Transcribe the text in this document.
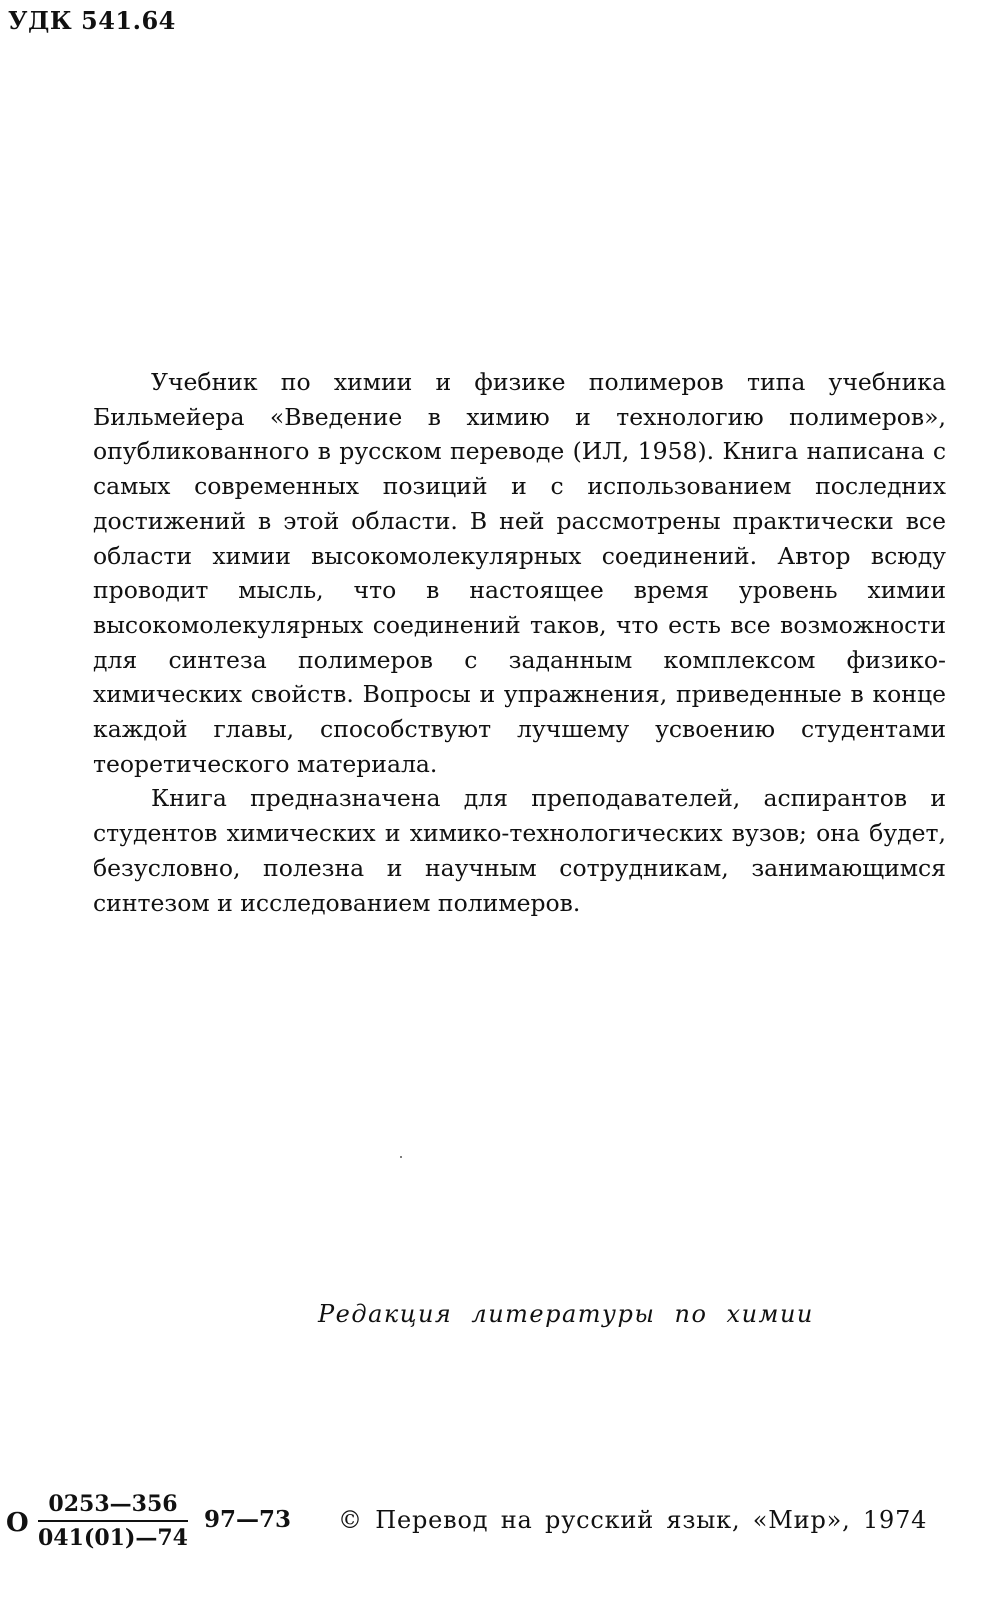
УДК 541.64

Учебник по химии и физике полимеров типа учебника Бильмейера «Введение в химию и технологию полимеров», опубликованного в русском переводе (ИЛ, 1958). Книга написана с самых современных позиций и с использованием последних достижений в этой области. В ней рассмотрены практически все области химии высокомолекулярных соединений. Автор всюду проводит мысль, что в настоящее время уровень химии высокомолекулярных соединений таков, что есть все возможности для синтеза полимеров с заданным комплексом физико-химических свойств. Вопросы и упражнения, приведенные в конце каждой главы, способствуют лучшему усвоению студентами теоретического материала.

Книга предназначена для преподавателей, аспирантов и студентов химических и химико-технологических вузов; она будет, безусловно, полезна и научным сотрудникам, занимающимся синтезом и исследованием полимеров.

Редакция литературы по химии
О $\frac{0253—356}{041(01)—74}$ 97—73 © Перевод на русский язык, «Мир», 1974
